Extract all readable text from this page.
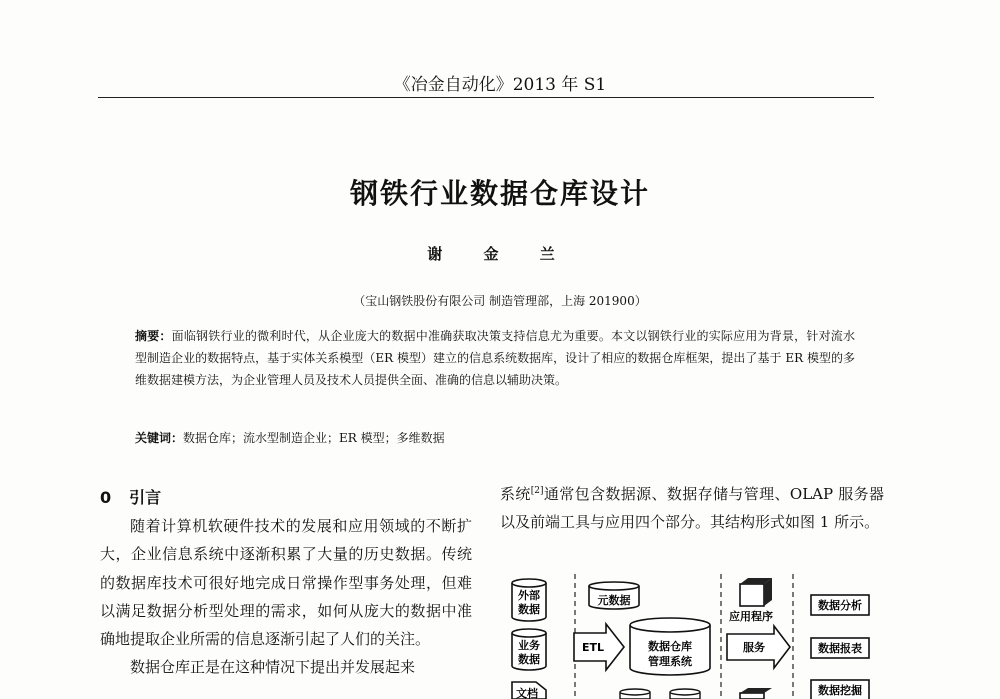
《冶金自动化》2013 年 S1
钢铁行业数据仓库设计
谢 金 兰
（宝山钢铁股份有限公司 制造管理部，上海 201900）
摘要：面临钢铁行业的微利时代，从企业庞大的数据中准确获取决策支持信息尤为重要。本文以钢铁行业的实际应用为背景，针对流水型制造企业的数据特点，基于实体关系模型（ER 模型）建立的信息系统数据库，设计了相应的数据仓库框架，提出了基于 ER 模型的多维数据建模方法，为企业管理人员及技术人员提供全面、准确的信息以辅助决策。
关键词：数据仓库；流水型制造企业；ER 模型；多维数据
0 引言

随着计算机软硬件技术的发展和应用领域的不断扩大，企业信息系统中逐渐积累了大量的历史数据。传统的数据库技术可很好地完成日常操作型事务处理，但难以满足数据分析型处理的需求，如何从庞大的数据中准确地提取企业所需的信息逐渐引起了人们的关注。

数据仓库正是在这种情况下提出并发展起来

系统[2]通常包含数据源、数据存储与管理、OLAP 服务器以及前端工具与应用四个部分。其结构形式如图 1 所示。

外部
数据
业务
数据
文档
元数据
ETL	数据仓库
管理系统
应用程序
服务
数据分析
数据报表
数据挖掘
